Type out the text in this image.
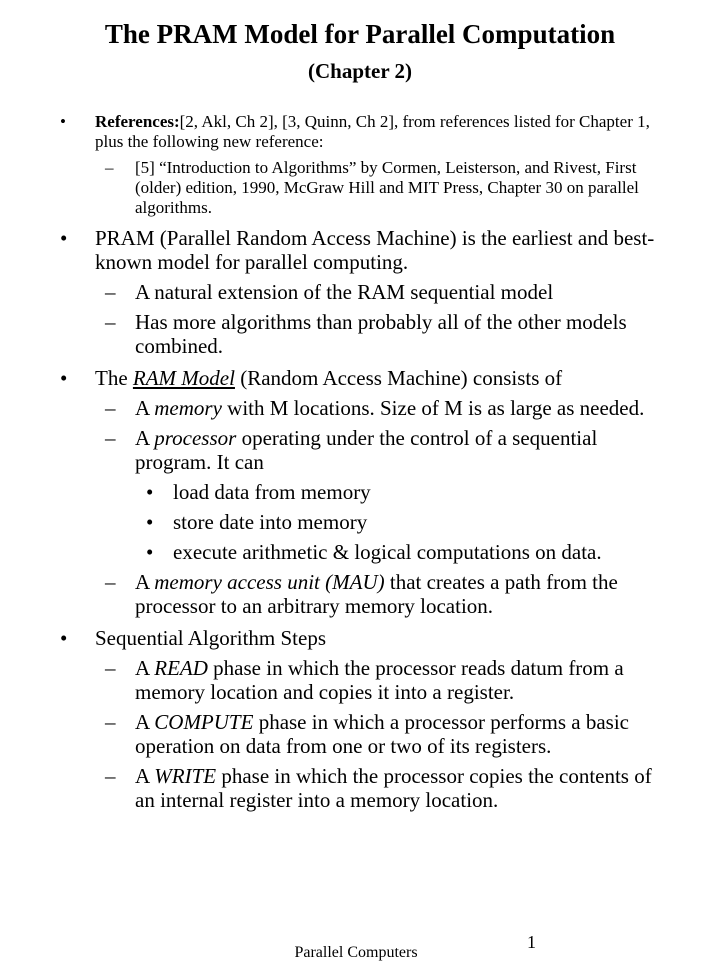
The PRAM Model for Parallel Computation
(Chapter 2)
• References:[2, Akl, Ch 2], [3, Quinn, Ch 2], from references listed for Chapter 1, plus the following new reference:
– [5] “Introduction to Algorithms” by Cormen, Leisterson, and Rivest, First (older) edition, 1990, McGraw Hill and MIT Press, Chapter 30 on parallel algorithms.
• PRAM (Parallel Random Access Machine) is the earliest and best-known model for parallel computing.
– A natural extension of the RAM sequential model
– Has more algorithms than probably all of the other models combined.
• The RAM Model (Random Access Machine) consists of
– A memory with M locations. Size of M is as large as needed.
– A processor operating under the control of a sequential program. It can
• load data from memory
• store date into memory
• execute arithmetic & logical computations on data.
– A memory access unit (MAU) that creates a path from the processor to an arbitrary memory location.
• Sequential Algorithm Steps
– A READ phase in which the processor reads datum from a memory location and copies it into a register.
– A COMPUTE phase in which a processor performs a basic operation on data from one or two of its registers.
– A WRITE phase in which the processor copies the contents of an internal register into a memory location.
1
Parallel Computers
